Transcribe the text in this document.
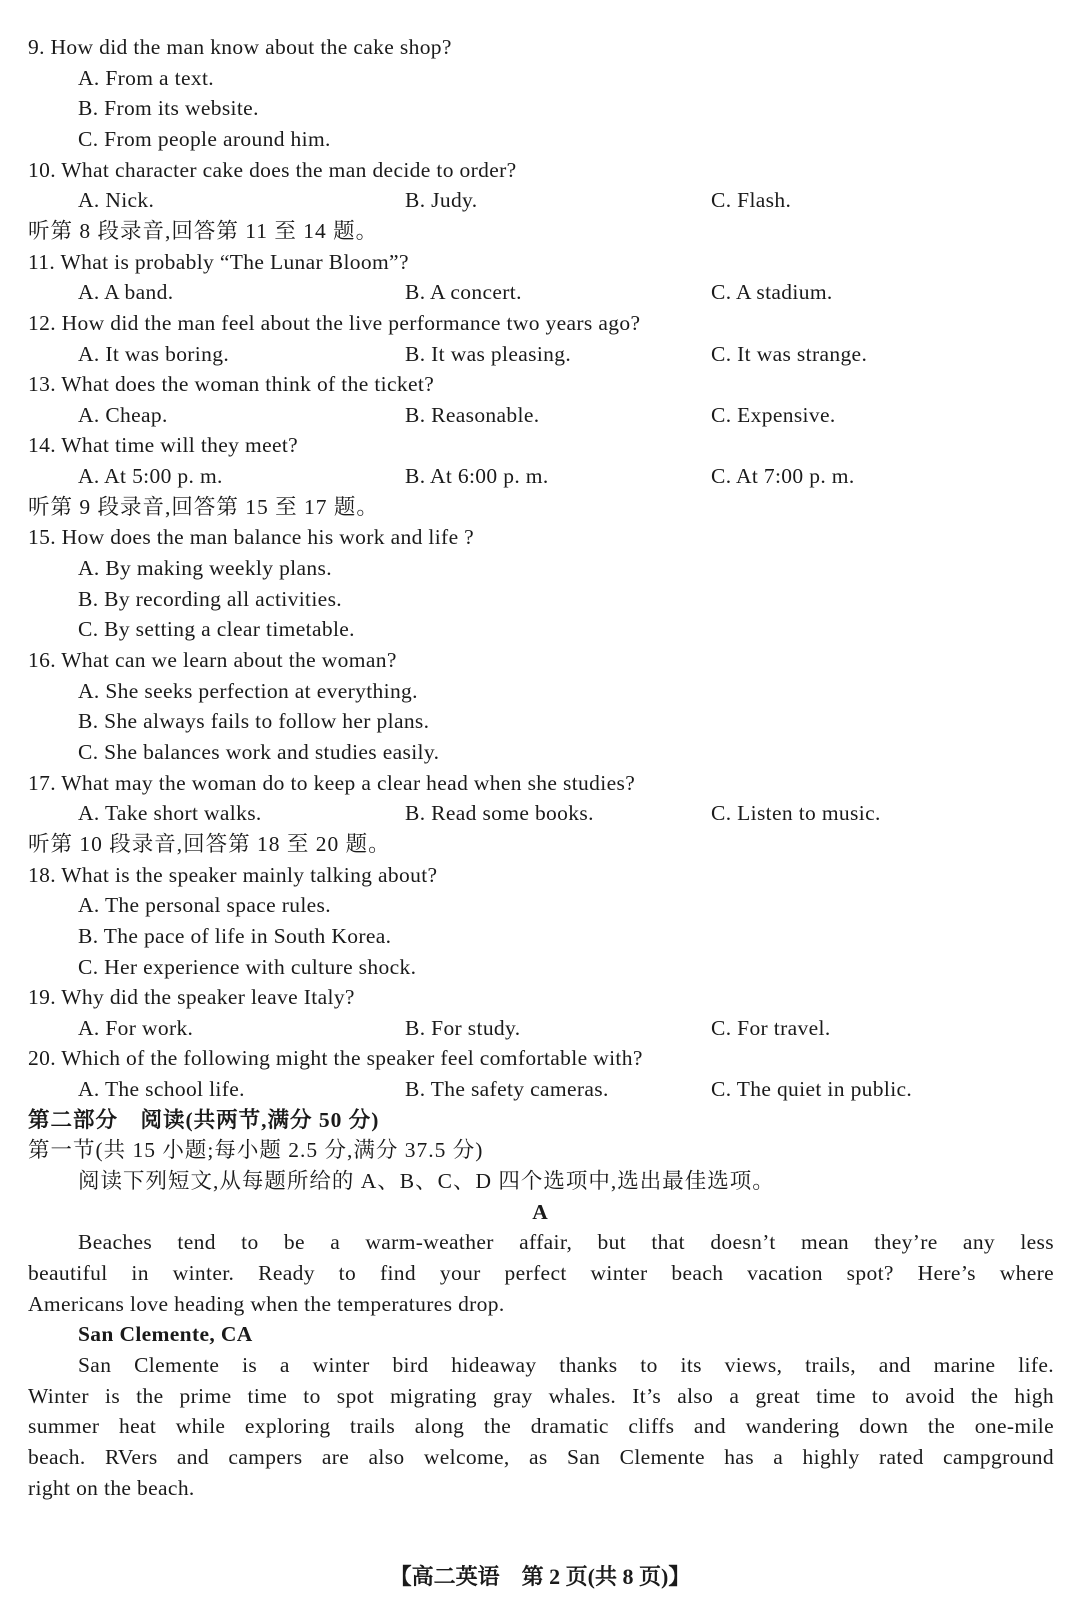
9. How did the man know about the cake shop?
A. From a text.
B. From its website.
C. From people around him.
10. What character cake does the man decide to order?
A. Nick.	B. Judy.	C. Flash.
听第 8 段录音,回答第 11 至 14 题。
11. What is probably “The Lunar Bloom”?
A. A band.	B. A concert.	C. A stadium.
12. How did the man feel about the live performance two years ago?
A. It was boring.	B. It was pleasing.	C. It was strange.
13. What does the woman think of the ticket?
A. Cheap.	B. Reasonable.	C. Expensive.
14. What time will they meet?
A. At 5:00 p. m.	B. At 6:00 p. m.	C. At 7:00 p. m.
听第 9 段录音,回答第 15 至 17 题。
15. How does the man balance his work and life ?
A. By making weekly plans.
B. By recording all activities.
C. By setting a clear timetable.
16. What can we learn about the woman?
A. She seeks perfection at everything.
B. She always fails to follow her plans.
C. She balances work and studies easily.
17. What may the woman do to keep a clear head when she studies?
A. Take short walks.	B. Read some books.	C. Listen to music.
听第 10 段录音,回答第 18 至 20 题。
18. What is the speaker mainly talking about?
A. The personal space rules.
B. The pace of life in South Korea.
C. Her experience with culture shock.
19. Why did the speaker leave Italy?
A. For work.	B. For study.	C. For travel.
20. Which of the following might the speaker feel comfortable with?
A. The school life.	B. The safety cameras.	C. The quiet in public.
第二部分　阅读(共两节,满分 50 分)
第一节(共 15 小题;每小题 2.5 分,满分 37.5 分)
阅读下列短文,从每题所给的 A、B、C、D 四个选项中,选出最佳选项。
A
Beaches tend to be a warm-weather affair, but that doesn’t mean they’re any less
beautiful in winter. Ready to find your perfect winter beach vacation spot? Here’s where
Americans love heading when the temperatures drop.
San Clemente, CA
San Clemente is a winter bird hideaway thanks to its views, trails, and marine life.
Winter is the prime time to spot migrating gray whales. It’s also a great time to avoid the high
summer heat while exploring trails along the dramatic cliffs and wandering down the one-mile
beach. RVers and campers are also welcome, as San Clemente has a highly rated campground
right on the beach.
【高二英语　第 2 页(共 8 页)】
